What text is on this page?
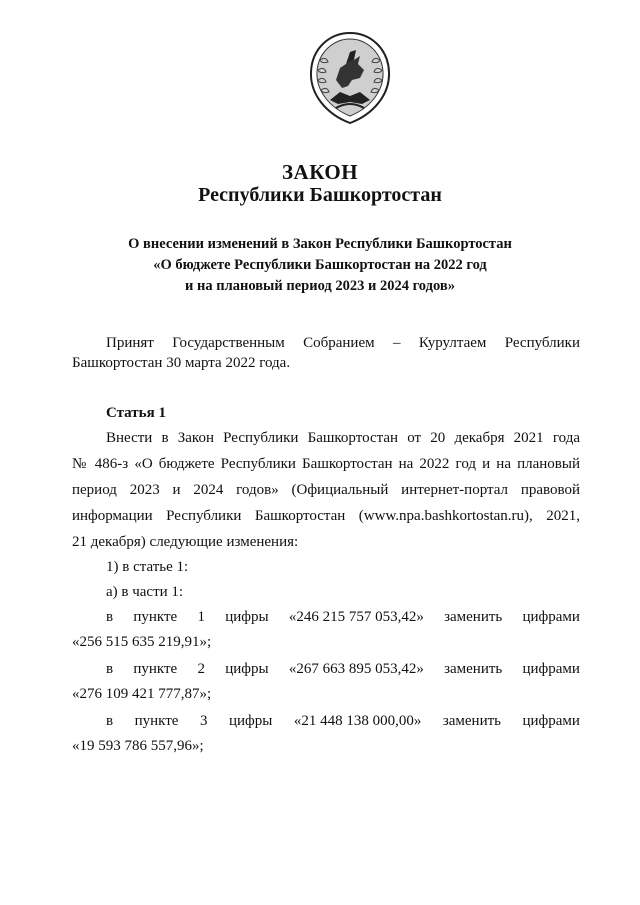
ЗАКОН
Республики Башкортостан
О внесении изменений в Закон Республики Башкортостан
«О бюджете Республики Башкортостан на 2022 год
и на плановый период 2023 и 2024 годов»
Принят Государственным Собранием – Курултаем Республики
Башкортостан 30 марта 2022 года.
Статья 1
Внести в Закон Республики Башкортостан от 20 декабря 2021 года
№ 486-з «О бюджете Республики Башкортостан на 2022 год и на плановый
период 2023 и 2024 годов» (Официальный интернет-портал правовой
информации Республики Башкортостан (www.npa.bashkortostan.ru), 2021,
21 декабря) следующие изменения:
1) в статье 1:
а) в части 1:
в пункте 1 цифры «246 215 757 053,42» заменить цифрами
«256 515 635 219,91»;
в пункте 2 цифры «267 663 895 053,42» заменить цифрами
«276 109 421 777,87»;
в пункте 3 цифры «21 448 138 000,00» заменить цифрами
«19 593 786 557,96»;
